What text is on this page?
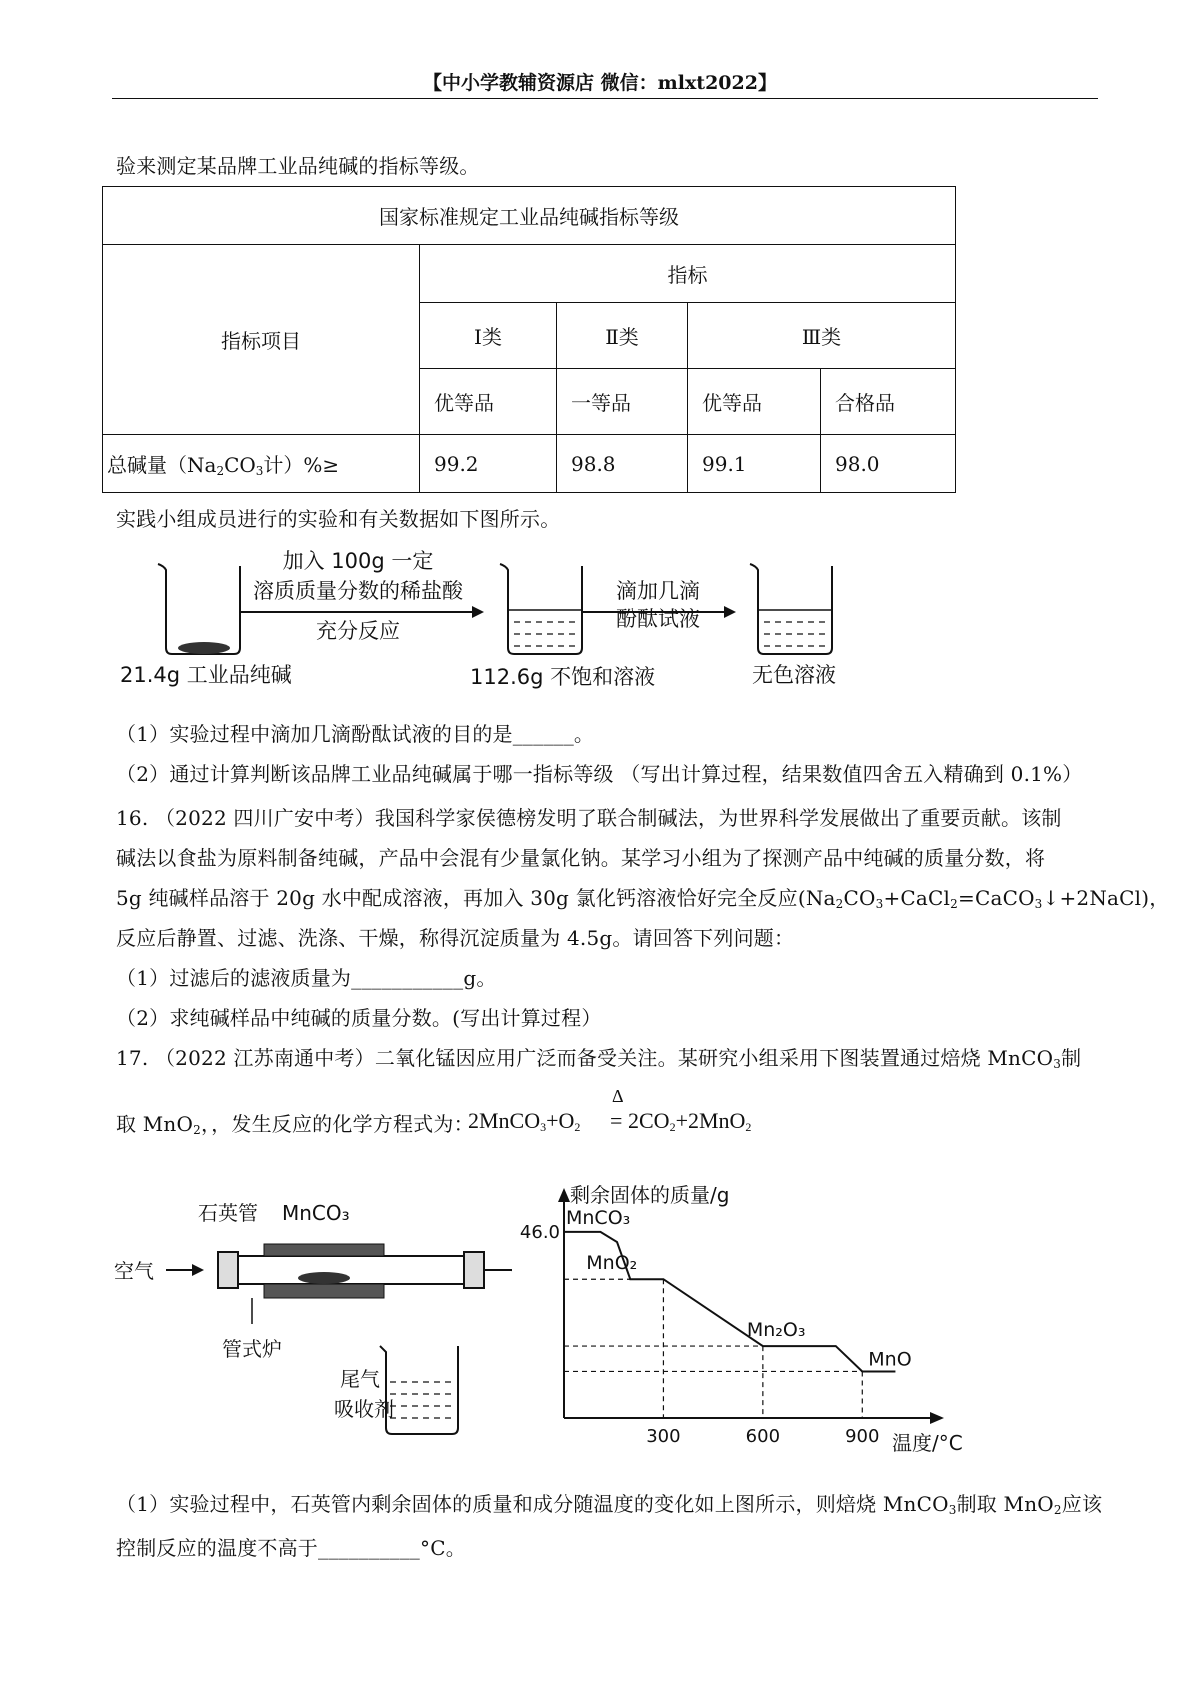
【中小学教辅资源店 微信：mlxt2022】
验来测定某品牌工业品纯碱的指标等级。
国家标准规定工业品纯碱指标等级				
指标项目	指标			
	Ⅰ类	Ⅱ类	Ⅲ类	
	优等品	一等品	优等品	合格品
总碱量（$Na_2CO_3$计）%≥	99.2	98.8	99.1	98.0
实践小组成员进行的实验和有关数据如下图所示。
加入 100g 一定
溶质质量分数的稀盐酸
充分反应
21.4g 工业品纯碱
滴加几滴
酚酞试液
112.6g 不饱和溶液	无色溶液
（1）实验过程中滴加几滴酚酞试液的目的是______。
（2）通过计算判断该品牌工业品纯碱属于哪一指标等级 （写出计算过程，结果数值四舍五入精确到 0.1%）
16. （2022 四川广安中考）我国科学家侯德榜发明了联合制碱法，为世界科学发展做出了重要贡献。该制
碱法以食盐为原料制备纯碱，产品中会混有少量氯化钠。某学习小组为了探测产品中纯碱的质量分数，将
5g 纯碱样品溶于 20g 水中配成溶液，再加入 30g 氯化钙溶液恰好完全反应$(Na_2CO_3+CaCl_2=CaCO_3↓+2NaCl)$，
反应后静置、过滤、洗涤、干燥，称得沉淀质量为 4.5g。请回答下列问题：
（1）过滤后的滤液质量为___________g。
（2）求纯碱样品中纯碱的质量分数。(写出计算过程）
17. （2022 江苏南通中考）二氧化锰因应用广泛而备受关注。某研究小组采用下图装置通过焙烧 MnCO$_3$制
取 MnO$_2$，，发生反应的化学方程式为：
$2MnCO_3+O_2$
Δ
= $2CO_2+2MnO_2$
石英管 MnCO₃
空气
管式炉
尾气
吸收剂
剩余固体的质量/g
温度/°C
300	600	900
46.0
MnCO₃
MnO₂
Mn₂O₃
MnO
（1）实验过程中，石英管内剩余固体的质量和成分随温度的变化如上图所示，则焙烧 MnCO$_3$制取 MnO$_2$应该
控制反应的温度不高于__________°C。
